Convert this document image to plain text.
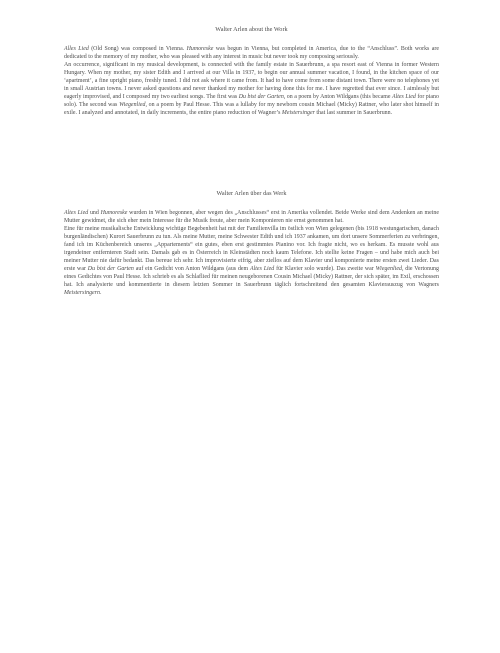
Walter Arlen about the Work

Alles Lied (Old Song) was composed in Vienna. Humoreske was begun in Vienna, but completed in America, due to the “Anschluss”. Both works are dedicated to the memory of my mother, who was pleased with any interest in music but never took my composing seriously.

An occurrence, significant in my musical development, is connected with the family estate in Sauerbrunn, a spa resort east of Vienna in former Western Hungary. When my mother, my sister Edith and I arrived at our Villa in 1937, to begin our annual summer vacation, I found, in the kitchen space of our ‘apartment’, a fine upright piano, freshly tuned. I did not ask where it came from. It had to have come from some distant town. There were no telephones yet in small Austrian towns. I never asked questions and never thanked my mother for having done this for me. I have regretted that ever since. I aimlessly but eagerly improvised, and I composed my two earliest songs. The first was Du bist der Garten, on a poem by Anton Wildgans (this became Altes Lied for piano solo). The second was Wiegenlied, on a poem by Paul Hesse. This was a lullaby for my newborn cousin Michael (Micky) Rattner, who later shot himself in exile. I analyzed and annotated, in daily increments, the entire piano reduction of Wagner’s Meistersinger that last summer in Sauerbrunn.

Walter Arlen über das Werk

Altes Lied und Humoreske wurden in Wien begonnen, aber wegen des „Anschlusses“ erst in Amerika vollendet. Beide Werke sind dem Andenken an meine Mutter gewidmet, die sich eher mein Interesse für die Musik freute, aber mein Komponieren nie ernst genommen hat.

Eine für meine musikalische Entwicklung wichtige Begebenheit hat mit der Familienvilla im östlich von Wien gelegenen (bis 1918 westungarischen, danach burgenländischen) Kurort Sauerbrunn zu tun. Als meine Mutter, meine Schwester Edith und ich 1937 ankamen, um dort unsere Sommerferien zu verbringen, fand ich im Küchenbereich unseres „Appartements“ ein gutes, eben erst gestimmtes Pianino vor. Ich fragte nicht, wo es herkam. Es musste wohl aus irgendeiner entfernteren Stadt sein. Damals gab es in Österreich in Kleinstädten noch kaum Telefone. Ich stellte keine Fragen – und habe mich auch bei meiner Mutter nie dafür bedankt. Das bereue ich sehr. Ich improvisierte eifrig, aber ziellos auf dem Klavier und komponierte meine ersten zwei Lieder. Das erste war Du bist der Garten auf ein Gedicht von Anton Wildgans (aus dem Altes Lied für Klavier solo wurde). Das zweite war Wiegenlied, die Vertonung eines Gedichtes von Paul Hesse. Ich schrieb es als Schlaflied für meinen neugeborenen Cousin Michael (Micky) Rattner, der sich später, im Exil, erschossen hat. Ich analysierte und kommentierte in diesem letzten Sommer in Sauerbrunn täglich fortschreitend den gesamten Klavierauszug von Wagners Meistersingern.
